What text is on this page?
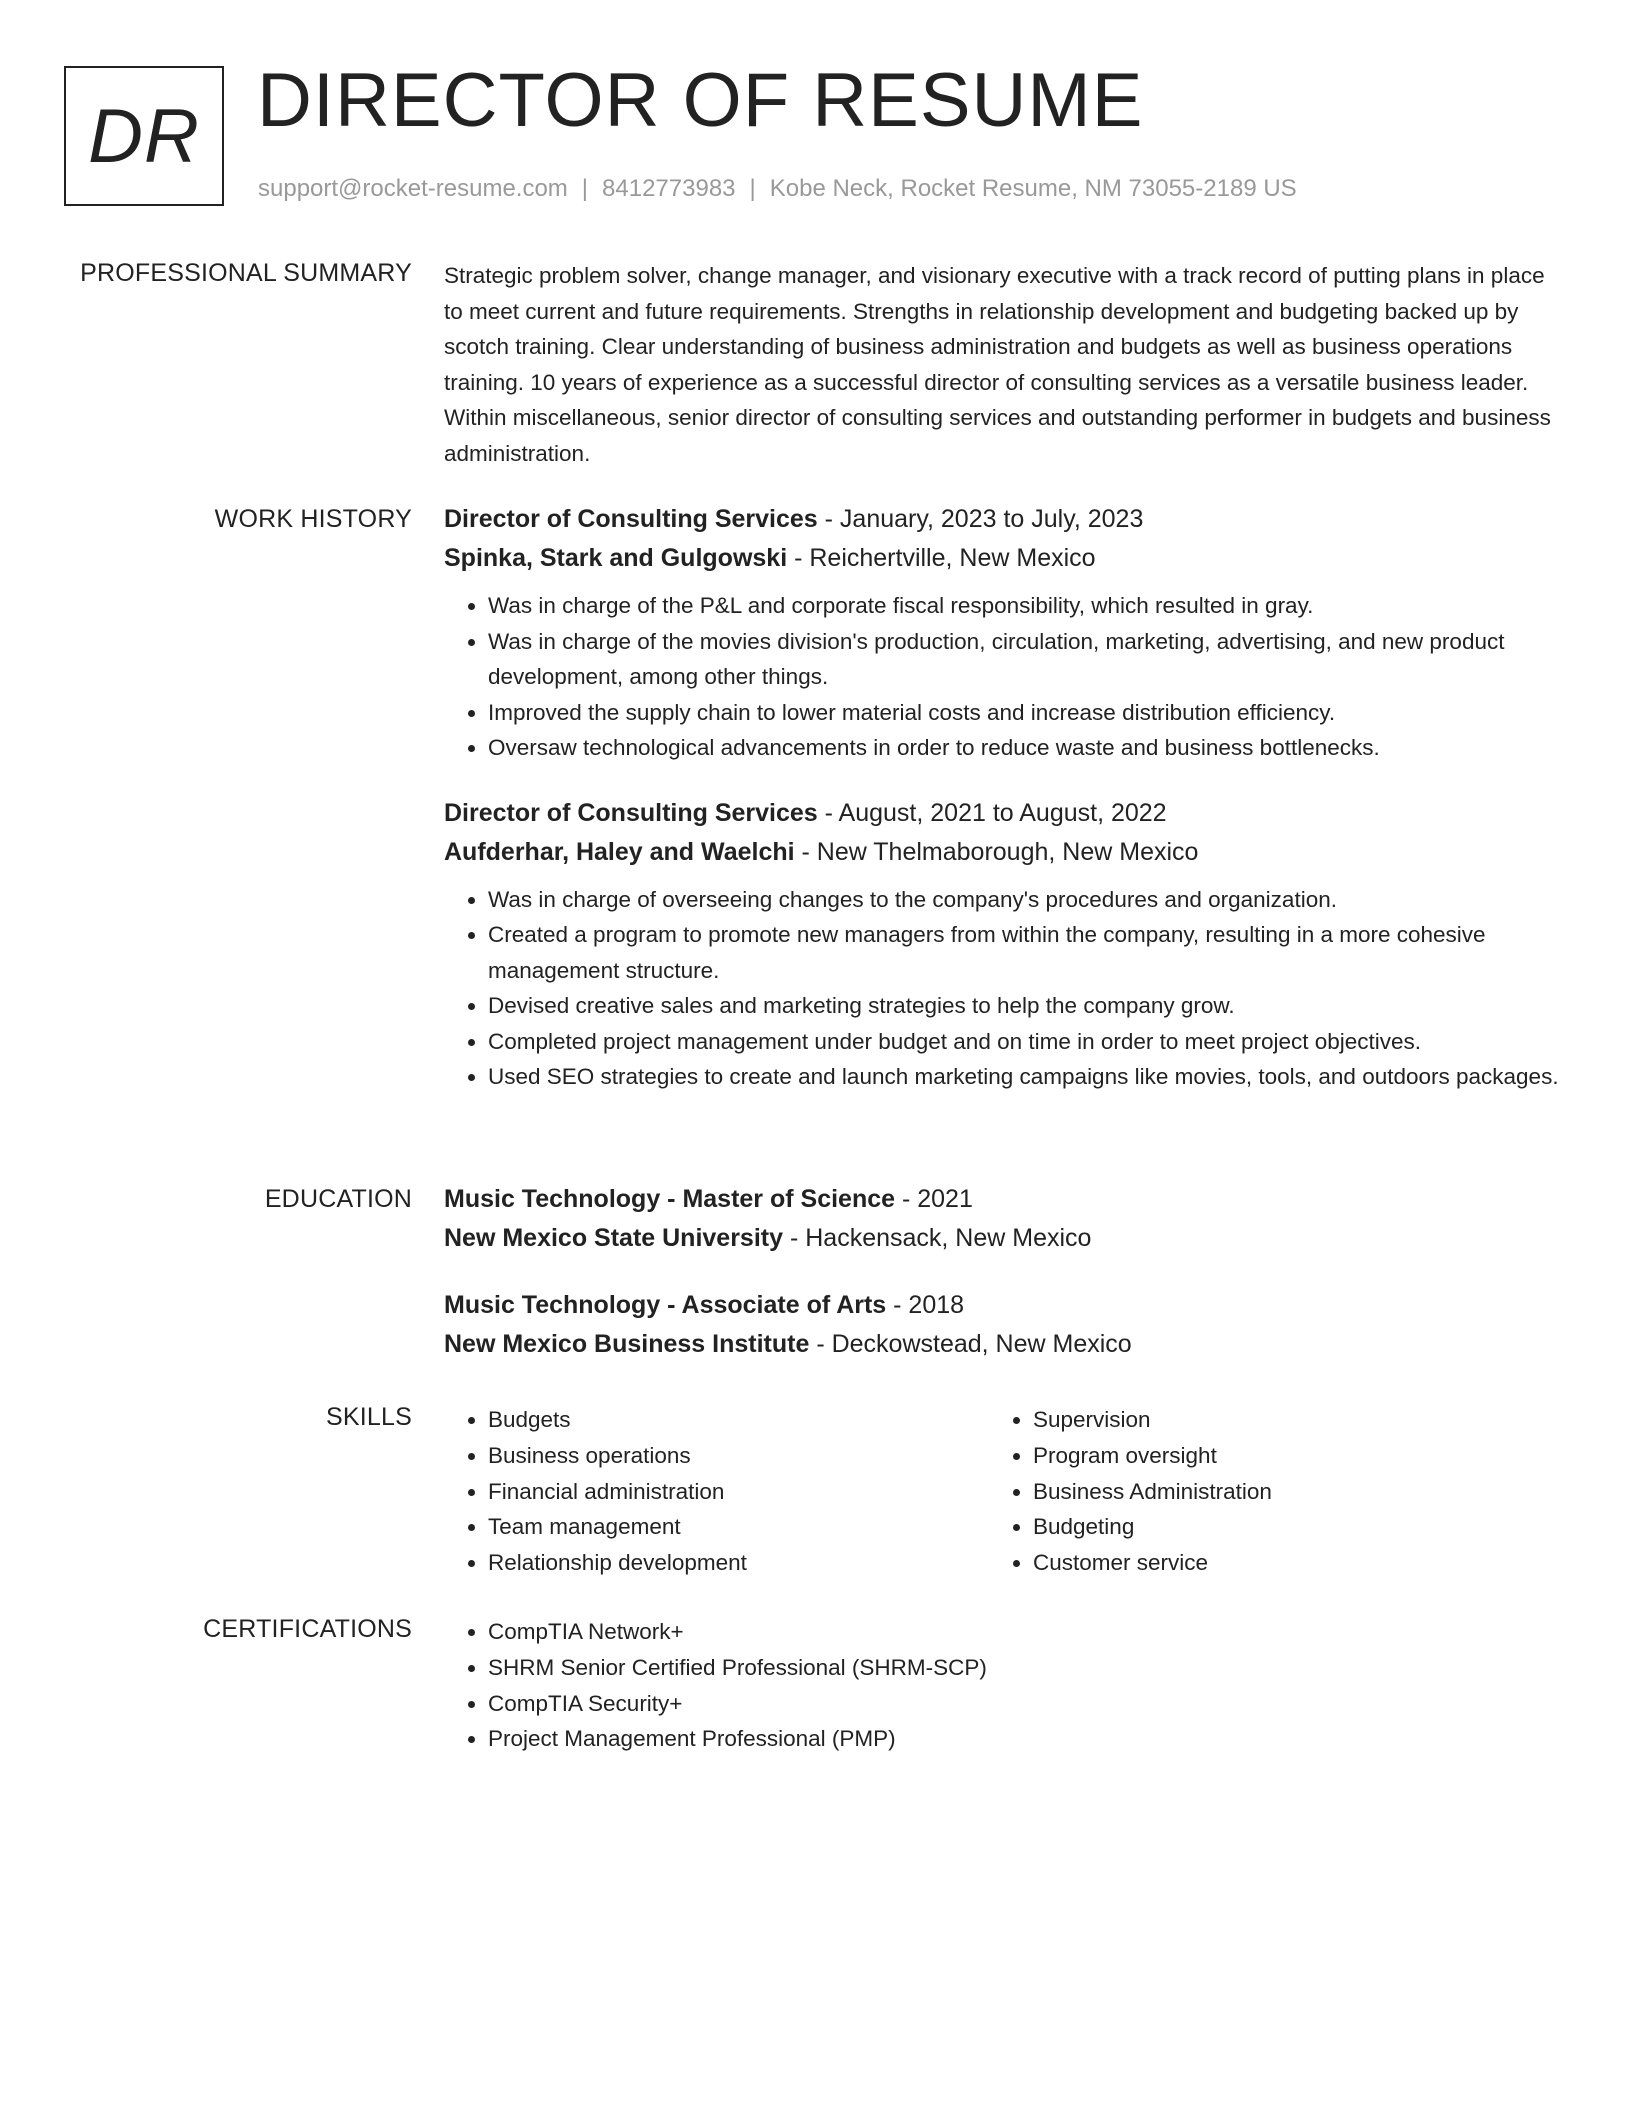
DR DIRECTOR OF RESUME
support@rocket-resume.com | 8412773983 | Kobe Neck, Rocket Resume, NM 73055-2189 US
PROFESSIONAL SUMMARY Strategic problem solver, change manager, and visionary executive with a track record of putting plans in place to meet current and future requirements. Strengths in relationship development and budgeting backed up by scotch training. Clear understanding of business administration and budgets as well as business operations training. 10 years of experience as a successful director of consulting services as a versatile business leader. Within miscellaneous, senior director of consulting services and outstanding performer in budgets and business administration.

WORK HISTORY Director of Consulting Services - January, 2023 to July, 2023
Spinka, Stark and Gulgowski - Reichertville, New Mexico
• Was in charge of the P&L and corporate fiscal responsibility, which resulted in gray.
• Was in charge of the movies division's production, circulation, marketing, advertising, and new product development, among other things.
• Improved the supply chain to lower material costs and increase distribution efficiency.
• Oversaw technological advancements in order to reduce waste and business bottlenecks.
Director of Consulting Services - August, 2021 to August, 2022
Aufderhar, Haley and Waelchi - New Thelmaborough, New Mexico
• Was in charge of overseeing changes to the company's procedures and organization.
• Created a program to promote new managers from within the company, resulting in a more cohesive management structure.
• Devised creative sales and marketing strategies to help the company grow.
• Completed project management under budget and on time in order to meet project objectives.
• Used SEO strategies to create and launch marketing campaigns like movies, tools, and outdoors packages.
EDUCATION Music Technology - Master of Science - 2021
New Mexico State University - Hackensack, New Mexico
Music Technology - Associate of Arts - 2018
New Mexico Business Institute - Deckowstead, New Mexico
SKILLS	• Budgets
• Business operations
• Financial administration
• Team management
• Relationship development
• Supervision
• Program oversight
• Business Administration
• Budgeting
• Customer service
CERTIFICATIONS	• CompTIA Network+
• SHRM Senior Certified Professional (SHRM-SCP)
• CompTIA Security+
• Project Management Professional (PMP)
